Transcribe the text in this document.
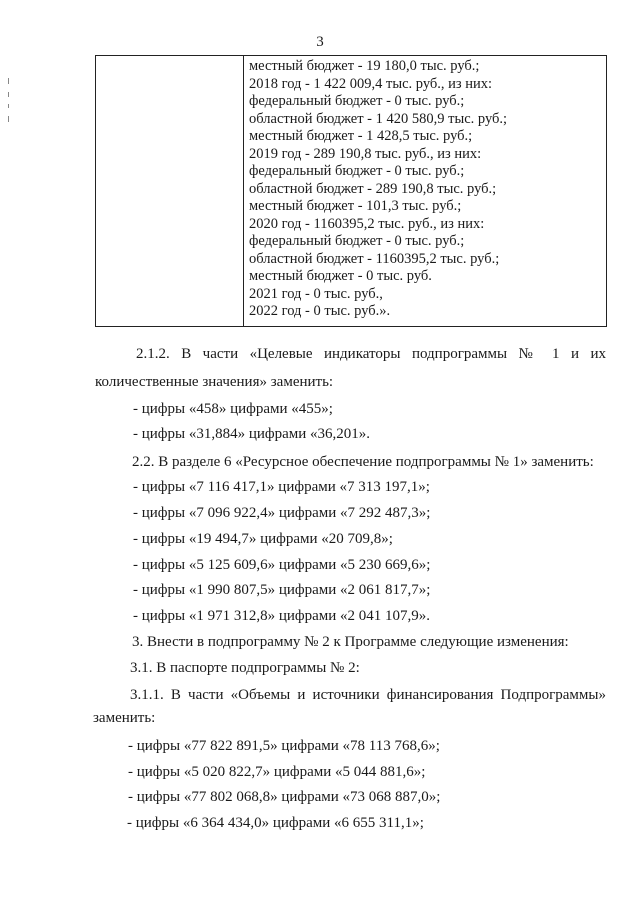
3
местный бюджет - 19 180,0 тыс. руб.;
2018 год - 1 422 009,4 тыс. руб., из них:
федеральный бюджет - 0 тыс. руб.;
областной бюджет - 1 420 580,9 тыс. руб.;
местный бюджет - 1 428,5 тыс. руб.;
2019 год - 289 190,8 тыс. руб., из них:
федеральный бюджет - 0 тыс. руб.;
областной бюджет - 289 190,8 тыс. руб.;
местный бюджет - 101,3 тыс. руб.;
2020 год - 1160395,2 тыс. руб., из них:
федеральный бюджет - 0 тыс. руб.;
областной бюджет - 1160395,2 тыс. руб.;
местный бюджет - 0 тыс. руб.
2021 год - 0 тыс. руб.,
2022 год - 0 тыс. руб.».
2.1.2. В части «Целевые индикаторы подпрограммы № 1 и их
количественные значения» заменить:
- цифры «458» цифрами «455»;
- цифры «31,884» цифрами «36,201».
2.2. В разделе 6 «Ресурсное обеспечение подпрограммы № 1» заменить:
- цифры «7 116 417,1» цифрами «7 313 197,1»;
- цифры «7 096 922,4» цифрами «7 292 487,3»;
- цифры «19 494,7» цифрами «20 709,8»;
- цифры «5 125 609,6» цифрами «5 230 669,6»;
- цифры «1 990 807,5» цифрами «2 061 817,7»;
- цифры «1 971 312,8» цифрами «2 041 107,9».
3. Внести в подпрограмму № 2 к Программе следующие изменения:
3.1. В паспорте подпрограммы № 2:
3.1.1. В части «Объемы и источники финансирования Подпрограммы»
заменить:
- цифры «77 822 891,5» цифрами «78 113 768,6»;
- цифры «5 020 822,7» цифрами «5 044 881,6»;
- цифры «77 802 068,8» цифрами «73 068 887,0»;
- цифры «6 364 434,0» цифрами «6 655 311,1»;
